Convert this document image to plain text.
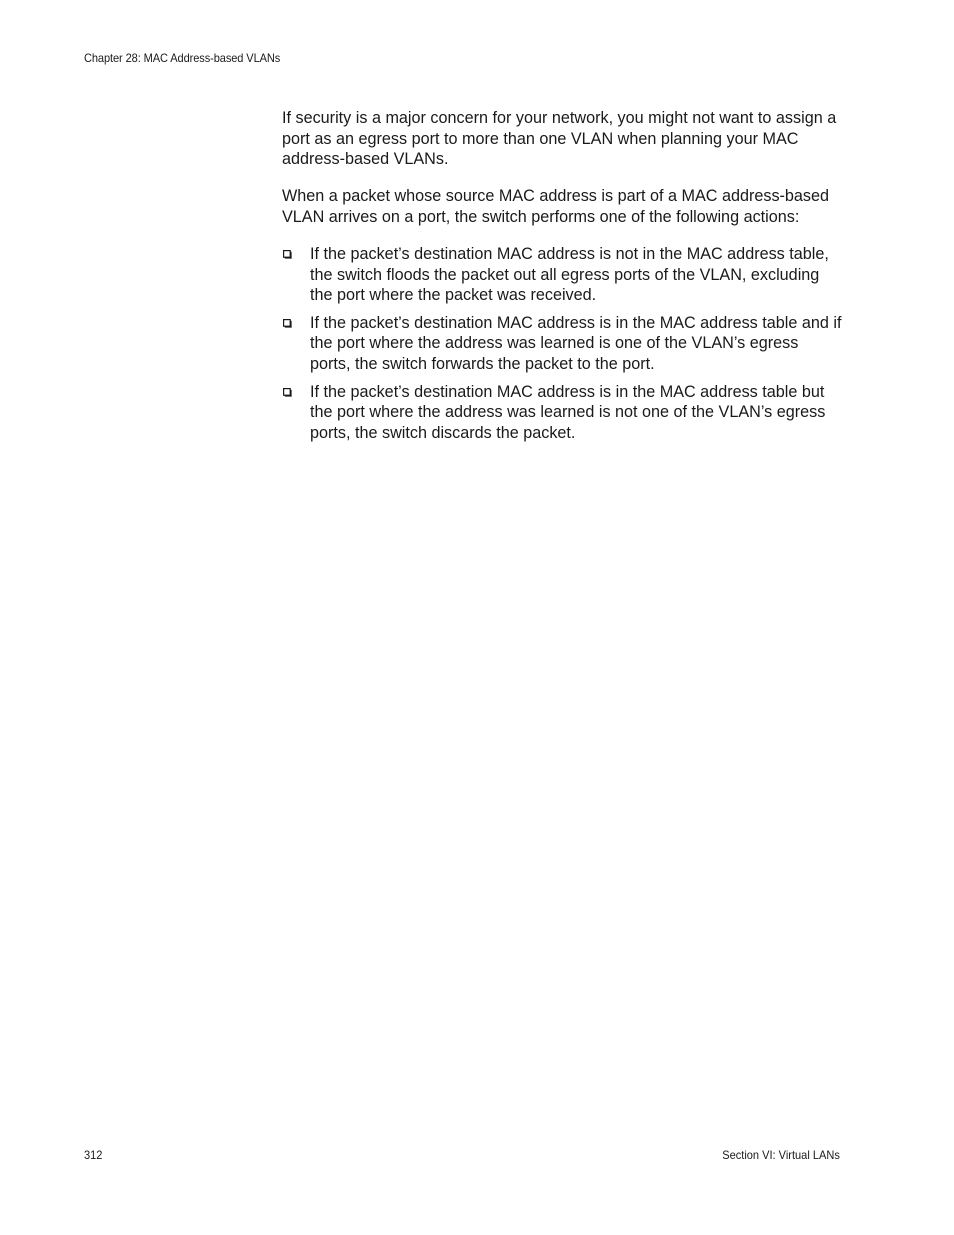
Chapter 28: MAC Address-based VLANs

If security is a major concern for your network, you might not want to assign a port as an egress port to more than one VLAN when planning your MAC address-based VLANs.

When a packet whose source MAC address is part of a MAC address-based VLAN arrives on a port, the switch performs one of the following actions:

If the packet’s destination MAC address is not in the MAC address table, the switch floods the packet out all egress ports of the VLAN, excluding the port where the packet was received.
If the packet’s destination MAC address is in the MAC address table and if the port where the address was learned is one of the VLAN’s egress ports, the switch forwards the packet to the port.
If the packet’s destination MAC address is in the MAC address table but the port where the address was learned is not one of the VLAN’s egress ports, the switch discards the packet.
312	Section VI: Virtual LANs
